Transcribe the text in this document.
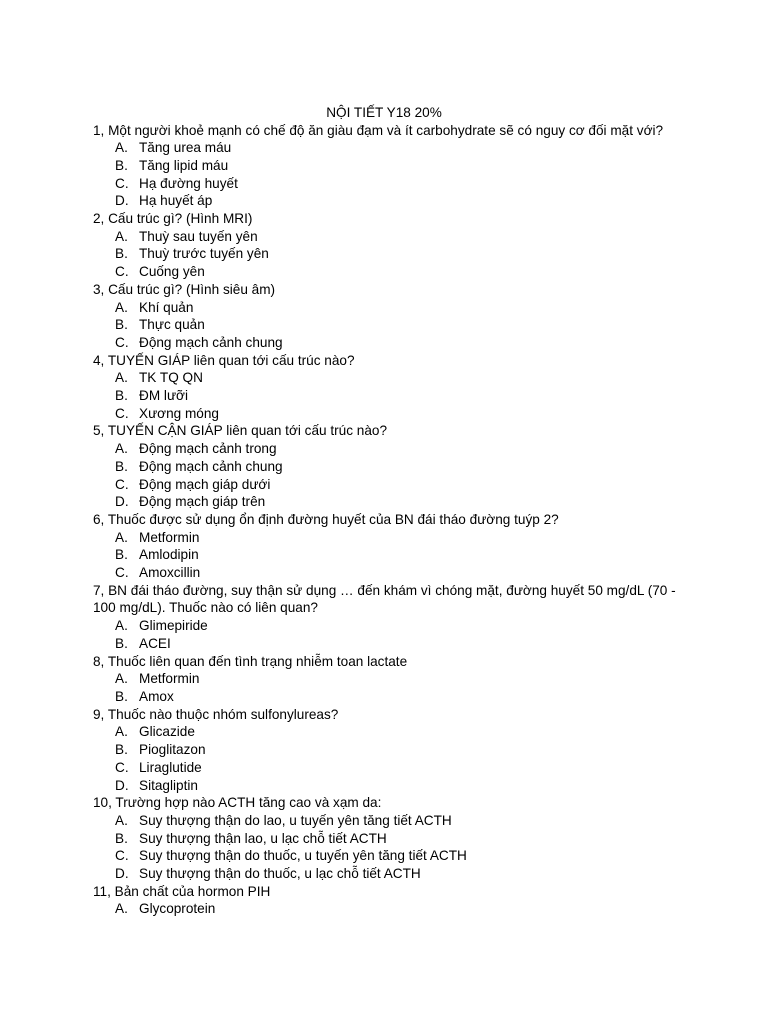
NỘI TIẾT Y18 20%
1, Một người khoẻ mạnh có chế độ ăn giàu đạm và ít carbohydrate sẽ có nguy cơ đối mặt với?
A. Tăng urea máu
B. Tăng lipid máu
C. Hạ đường huyết
D. Hạ huyết áp
2, Cấu trúc gì? (Hình MRI)
A. Thuỳ sau tuyến yên
B. Thuỳ trước tuyến yên
C. Cuống yên
3, Cấu trúc gì? (Hình siêu âm)
A. Khí quản
B. Thực quản
C. Động mạch cảnh chung
4, TUYẾN GIÁP liên quan tới cấu trúc nào?
A. TK TQ QN
B. ĐM lưỡi
C. Xương móng
5, TUYẾN CẬN GIÁP liên quan tới cấu trúc nào?
A. Động mạch cảnh trong
B. Động mạch cảnh chung
C. Động mạch giáp dưới
D. Động mạch giáp trên
6, Thuốc được sử dụng ổn định đường huyết của BN đái tháo đường tuýp 2?
A. Metformin
B. Amlodipin
C. Amoxcillin
7, BN đái tháo đường, suy thận sử dụng … đến khám vì chóng mặt, đường huyết 50 mg/dL (70 - 100 mg/dL). Thuốc nào có liên quan?
A. Glimepiride
B. ACEI
8, Thuốc liên quan đến tình trạng nhiễm toan lactate
A. Metformin
B. Amox
9, Thuốc nào thuộc nhóm sulfonylureas?
A. Glicazide
B. Pioglitazon
C. Liraglutide
D. Sitagliptin
10, Trường hợp nào ACTH tăng cao và xạm da:
A. Suy thượng thận do lao, u tuyến yên tăng tiết ACTH
B. Suy thượng thận lao, u lạc chỗ tiết ACTH
C. Suy thượng thận do thuốc, u tuyến yên tăng tiết ACTH
D. Suy thượng thận do thuốc, u lạc chỗ tiết ACTH
11, Bản chất của hormon PIH
A. Glycoprotein
